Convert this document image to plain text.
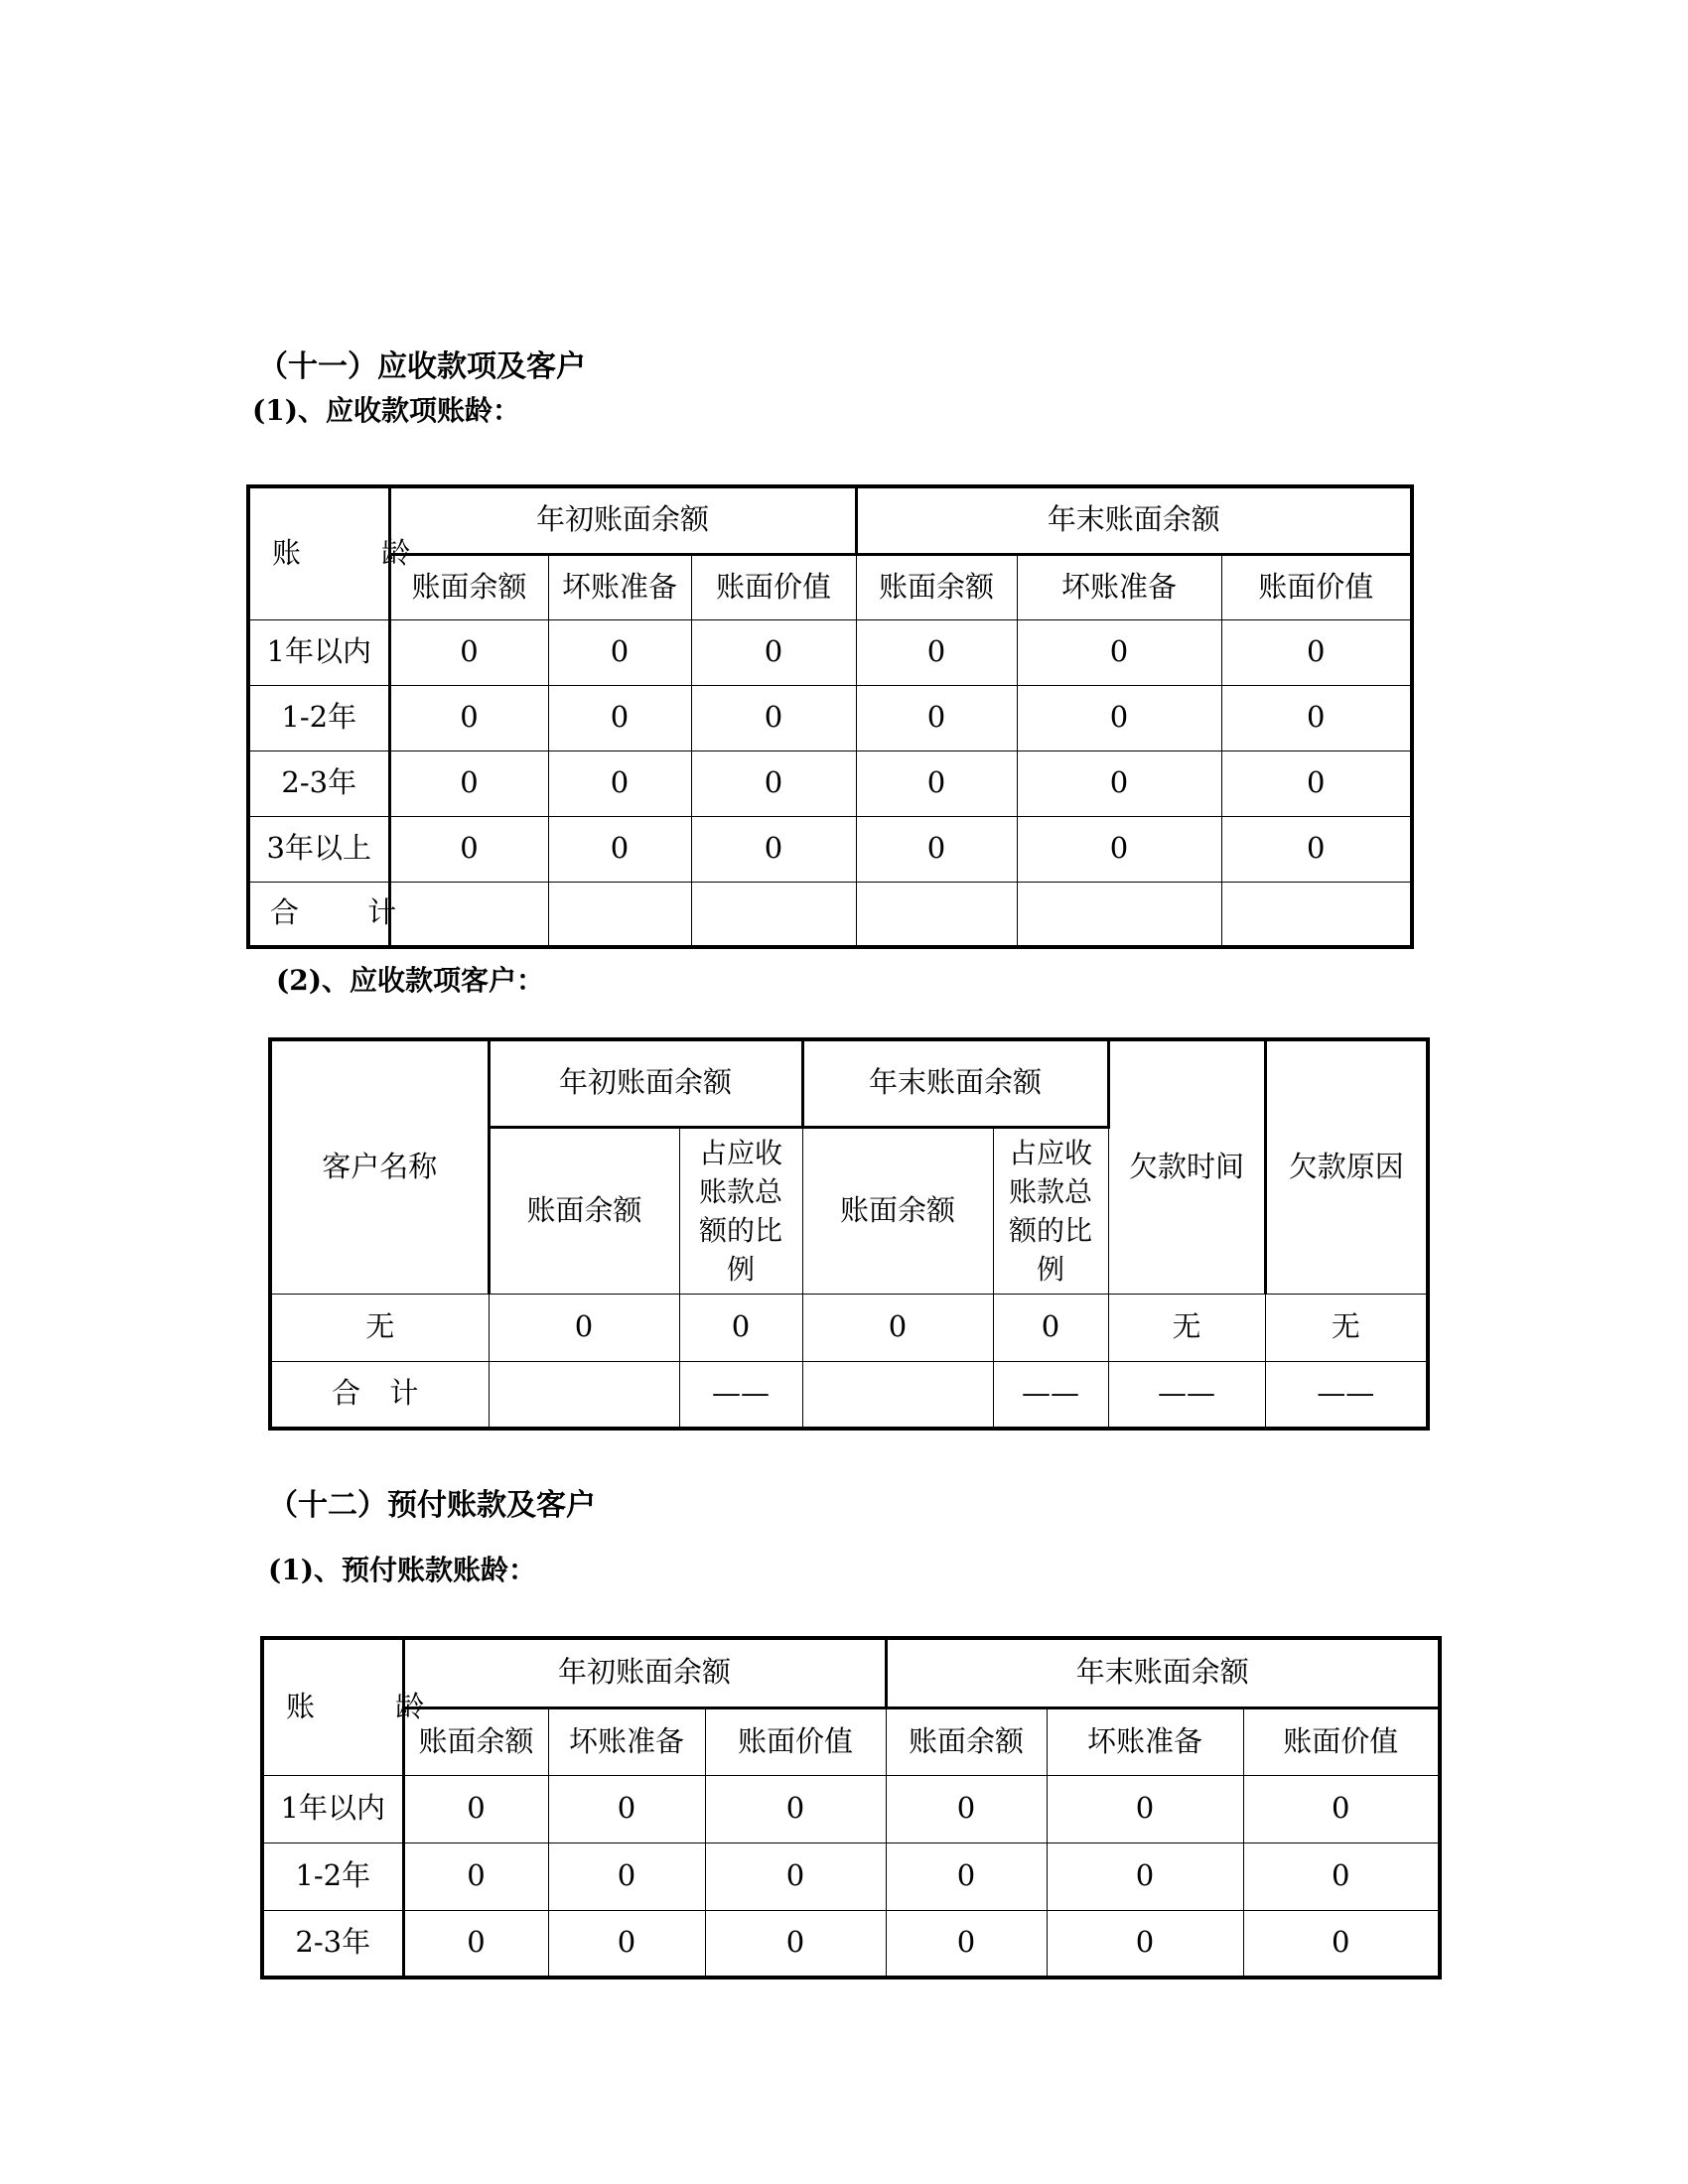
（十一）应收款项及客户
(1)、应收款项账龄：
账 龄	年初账面余额			年末账面余额		
	账面余额	坏账准备	账面价值	账面余额	坏账准备	账面价值
1年以内	0	0	0	0	0	0
1-2年	0	0	0	0	0	0
2-3年	0	0	0	0	0	0
3年以上	0	0	0	0	0	0
合 计						
(2)、应收款项客户：
客户名称	年初账面余额		年末账面余额		欠款时间	欠款原因
	账面余额	占应收账款总额的比例	账面余额	占应收账款总额的比例		
无	0	0	0	0	无	无
合 计		——		——	——	——
（十二）预付账款及客户
(1)、预付账款账龄：
账 龄	年初账面余额			年末账面余额		
	账面余额	坏账准备	账面价值	账面余额	坏账准备	账面价值
1年以内	0	0	0	0	0	0
1-2年	0	0	0	0	0	0
2-3年	0	0	0	0	0	0
